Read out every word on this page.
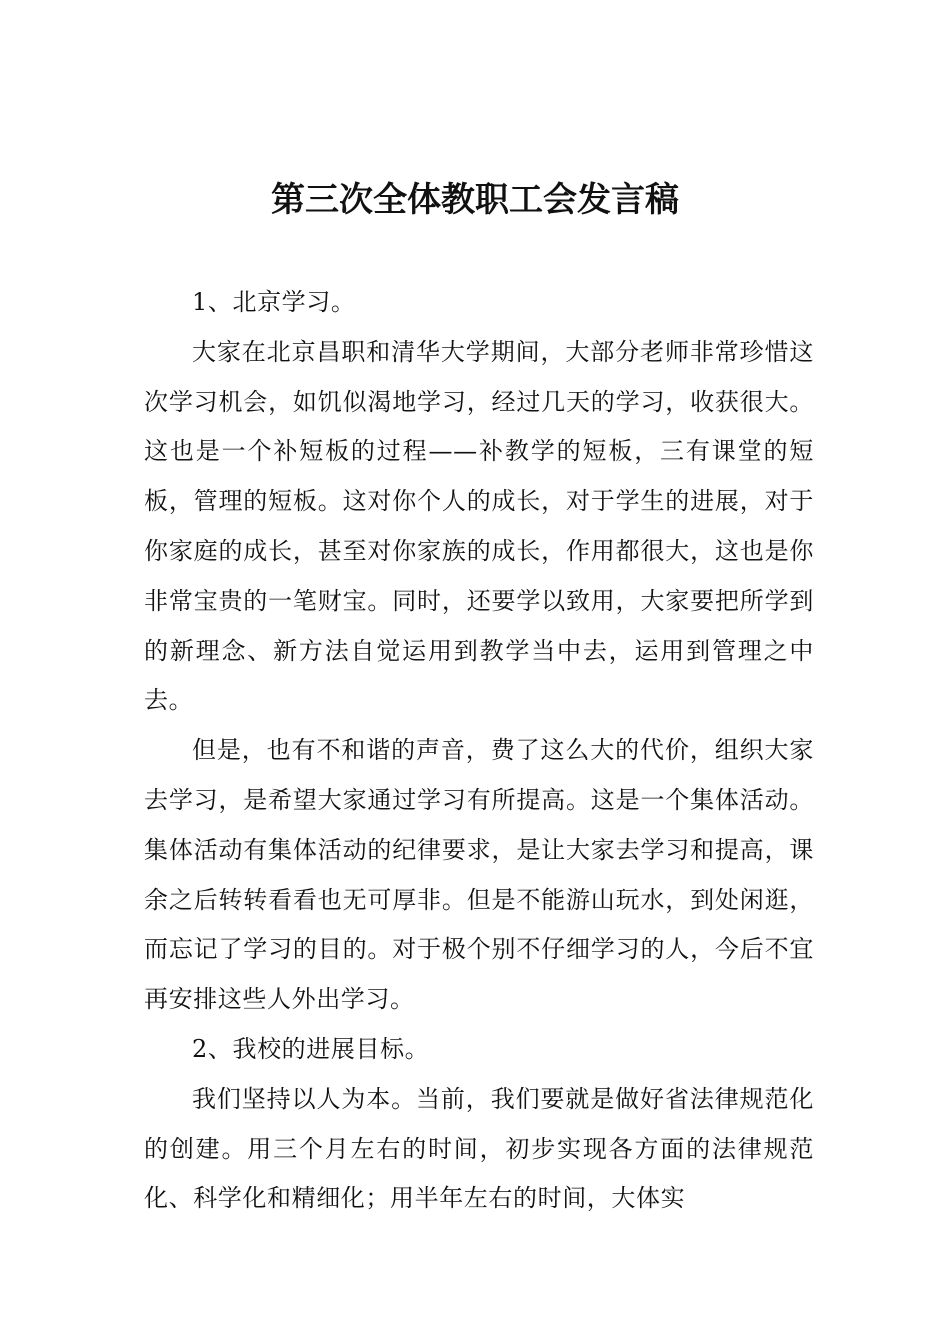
第三次全体教职工会发言稿

1、北京学习。

大家在北京昌职和清华大学期间，大部分老师非常珍惜这次学习机会，如饥似渴地学习，经过几天的学习，收获很大。这也是一个补短板的过程——补教学的短板，三有课堂的短板，管理的短板。这对你个人的成长，对于学生的进展，对于你家庭的成长，甚至对你家族的成长，作用都很大，这也是你非常宝贵的一笔财宝。同时，还要学以致用，大家要把所学到的新理念、新方法自觉运用到教学当中去，运用到管理之中去。

但是，也有不和谐的声音，费了这么大的代价，组织大家去学习，是希望大家通过学习有所提高。这是一个集体活动。集体活动有集体活动的纪律要求，是让大家去学习和提高，课余之后转转看看也无可厚非。但是不能游山玩水，到处闲逛，而忘记了学习的目的。对于极个别不仔细学习的人，今后不宜再安排这些人外出学习。

2、我校的进展目标。

我们坚持以人为本。当前，我们要就是做好省法律规范化的创建。用三个月左右的时间，初步实现各方面的法律规范化、科学化和精细化；用半年左右的时间，大体实
